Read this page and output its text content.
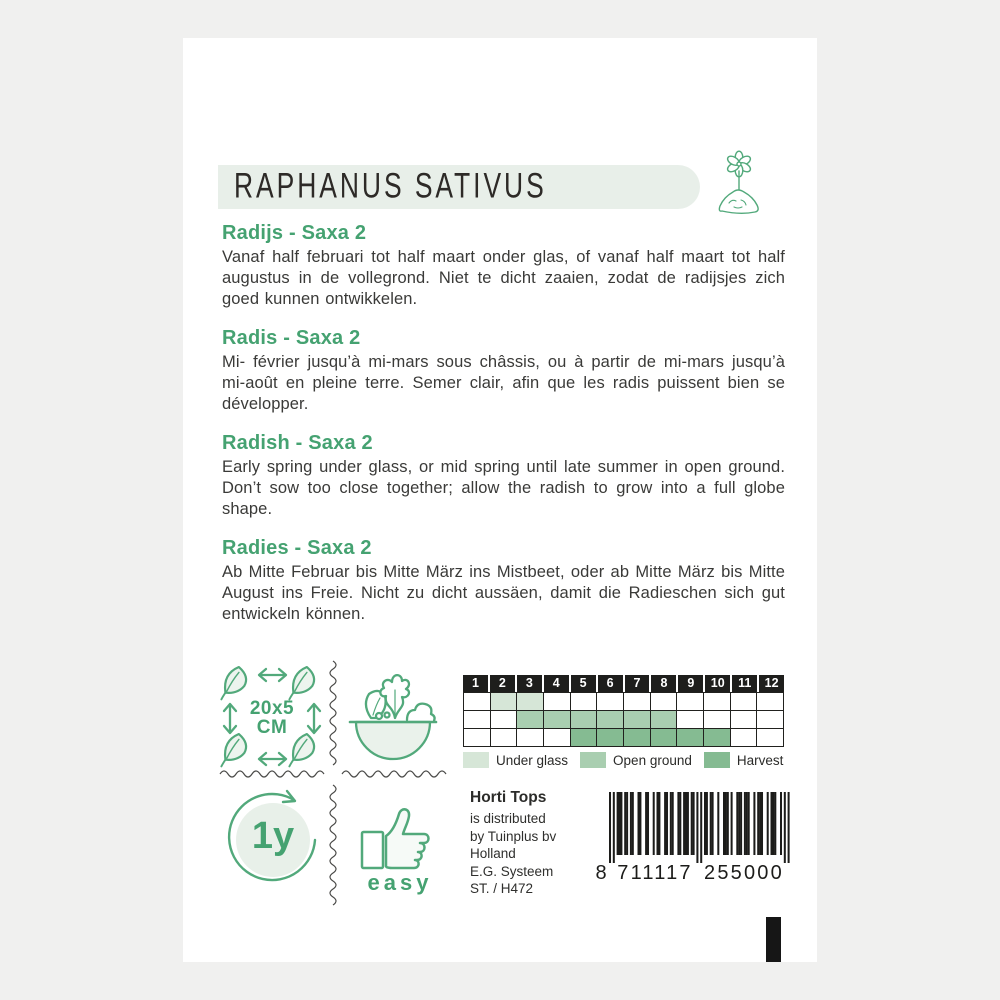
RAPHANUS SATIVUS
Radijs - Saxa 2

Vanaf half februari tot half maart onder glas, of vanaf half maart tot half augustus in de vollegrond. Niet te dicht zaaien, zodat de radijsjes zich goed kunnen ontwikkelen.

Radis - Saxa 2

Mi- février jusqu’à mi-mars sous châssis, ou à partir de mi-mars jusqu’à mi-août en pleine terre. Semer clair, afin que les radis puissent bien se développer.

Radish - Saxa 2

Early spring under glass, or mid spring until late summer in open ground. Don’t sow too close together; allow the radish to grow into a full globe shape.

Radies - Saxa 2

Ab Mitte Februar bis Mitte März ins Mistbeet, oder ab Mitte März bis Mitte August ins Freie. Nicht zu dicht aussäen, damit die Radieschen sich gut entwickeln können.

20x5
CM
1y
easy
1	2	3	4	5	6	7	8	9	10	11	12
Under glass	Open ground	Harvest
Horti Tops
is distributed
by Tuinplus bv
Holland
E.G. Systeem
ST. / H472
8 711117 255000
